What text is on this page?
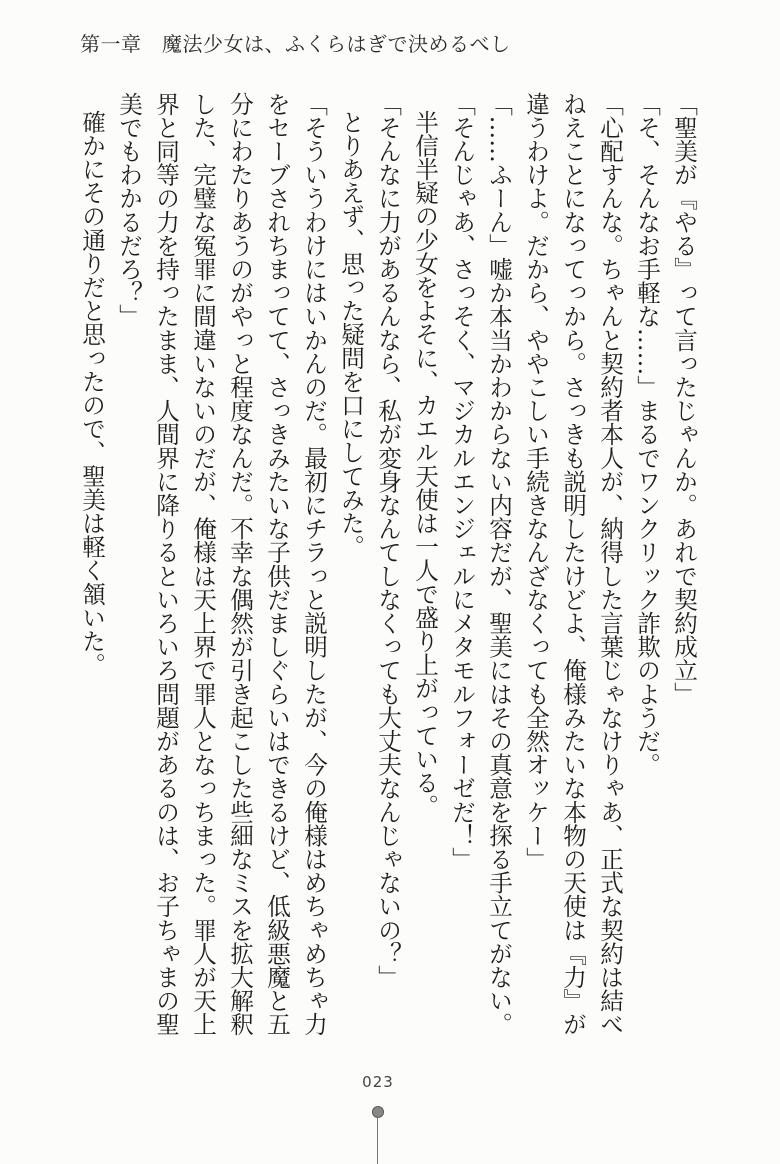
第一章　魔法少女は、ふくらはぎで決めるべし
「聖美が『やる』って言ったじゃんか。あれで契約成立」
「そ、そんなお手軽な……」まるでワンクリック詐欺のようだ。
「心配すんな。ちゃんと契約者本人が、納得した言葉じゃなけりゃあ、正式な契約は結べ
ねえことになってっから。さっきも説明したけどよ、俺様みたいな本物の天使は『力』が
違うわけよ。だから、ややこしい手続きなんざなくっても全然オッケー」
「……ふーん」嘘か本当かわからない内容だが、聖美にはその真意を探る手立てがない。
「そんじゃあ、さっそく、マジカルエンジェルにメタモルフォーゼだ！」
半信半疑の少女をよそに、カエル天使は一人で盛り上がっている。
「そんなに力があるんなら、私が変身なんてしなくっても大丈夫なんじゃないの？」
とりあえず、思った疑問を口にしてみた。
「そういうわけにはいかんのだ。最初にチラっと説明したが、今の俺様はめちゃめちゃ力
をセーブされちまってて、さっきみたいな子供だましぐらいはできるけど、低級悪魔と五
分にわたりあうのがやっと程度なんだ。不幸な偶然が引き起こした些細なミスを拡大解釈
した、完璧な冤罪に間違いないのだが、俺様は天上界で罪人となっちまった。罪人が天上
界と同等の力を持ったまま、人間界に降りるといろいろ問題があるのは、お子ちゃまの聖
美でもわかるだろ？」
確かにその通りだと思ったので、聖美は軽く頷いた。
023
